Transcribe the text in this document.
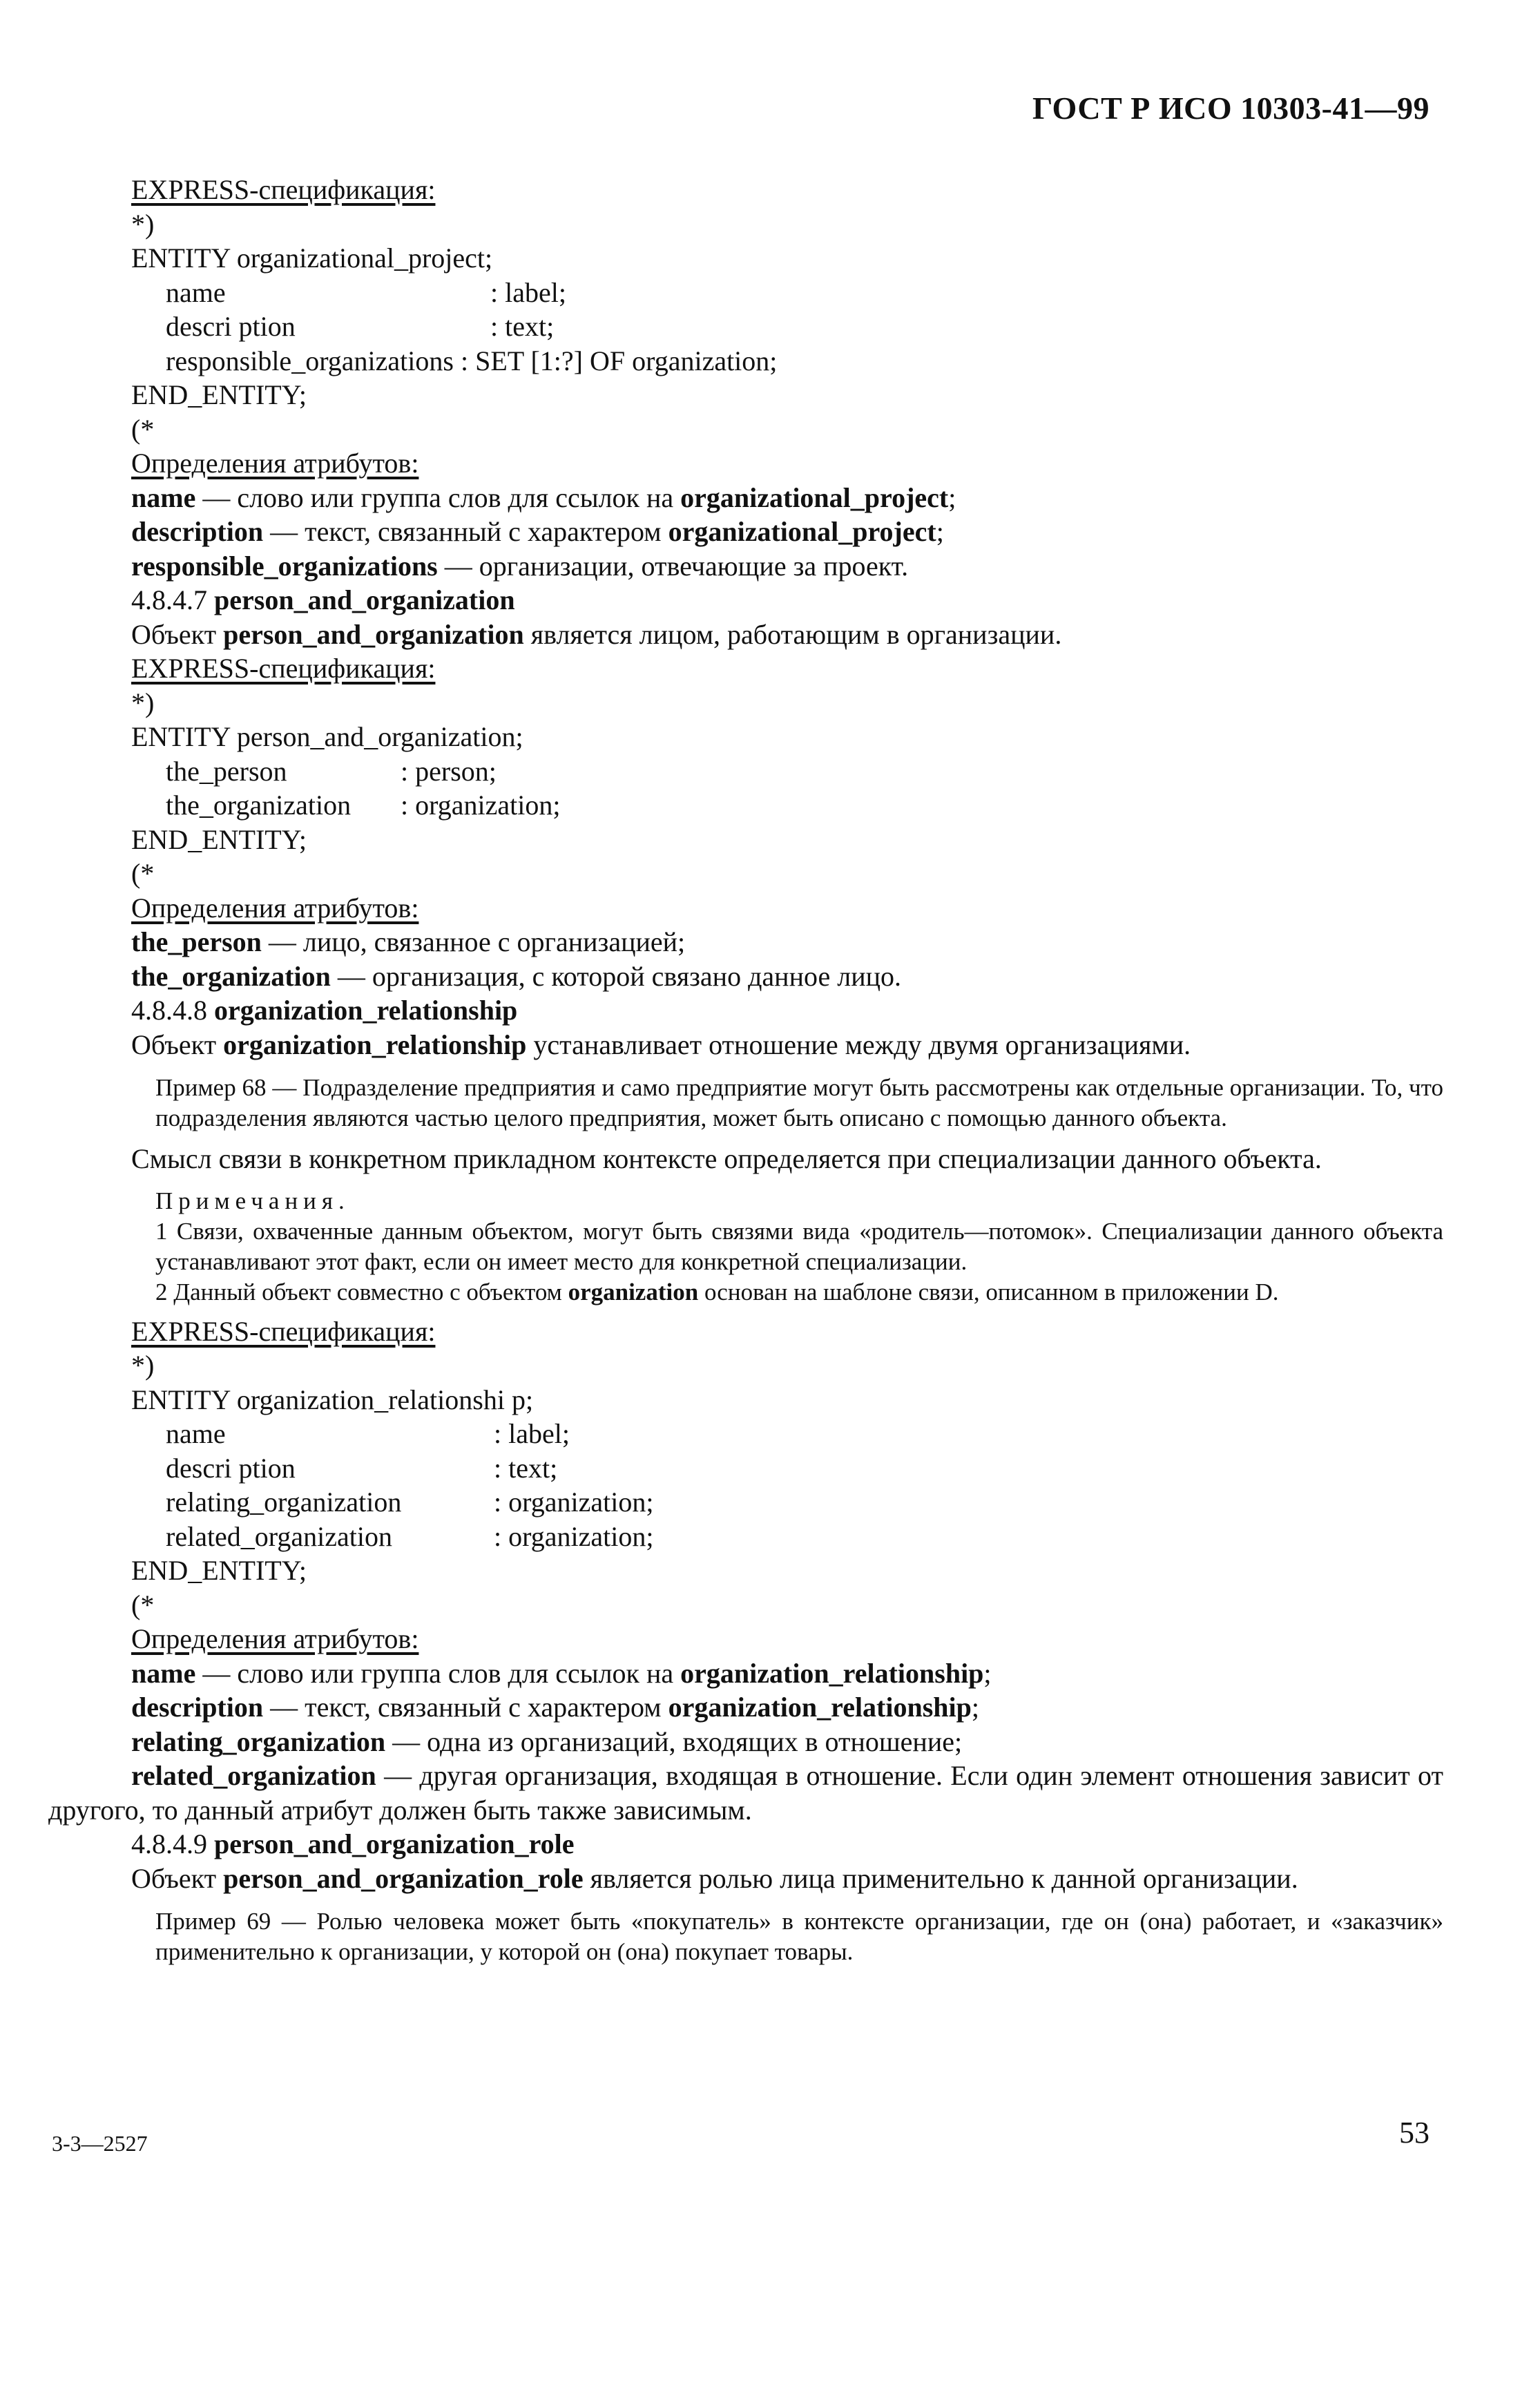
ГОСТ Р ИСО 10303-41—99

EXPRESS-спецификация:

*)

ENTITY organizational_project;

name	: label;
descri ption	: text;
responsible_organizations : SET [1:?] OF organization;

END_ENTITY;

(*

Определения атрибутов:

name — слово или группа слов для ссылок на organizational_project;

description — текст, связанный с характером organizational_project;

responsible_organizations — организации, отвечающие за проект.

4.8.4.7 person_and_organization

Объект person_and_organization является лицом, работающим в организации.

EXPRESS-спецификация:

*)

ENTITY person_and_organization;

the_person	: person;
the_organization	: organization;

END_ENTITY;

(*

Определения атрибутов:

the_person — лицо, связанное с организацией;

the_organization — организация, с которой связано данное лицо.

4.8.4.8 organization_relationship

Объект organization_relationship устанавливает отношение между двумя организациями.

Пример 68 — Подразделение предприятия и само предприятие могут быть рассмотрены как отдельные организации. То, что подразделения являются частью целого предприятия, может быть описано с помощью данного объекта.

Смысл связи в конкретном прикладном контексте определяется при специализации данного объекта.

Примечания.

1 Связи, охваченные данным объектом, могут быть связями вида «родитель—потомок». Специализации данного объекта устанавливают этот факт, если он имеет место для конкретной специализации.

2 Данный объект совместно с объектом organization основан на шаблоне связи, описанном в приложении D.

EXPRESS-спецификация:

*)

ENTITY organization_relationshi p;

name	: label;
descri ption	: text;
relating_organization	: organization;
related_organization	: organization;

END_ENTITY;

(*

Определения атрибутов:

name — слово или группа слов для ссылок на organization_relationship;

description — текст, связанный с характером organization_relationship;

relating_organization — одна из организаций, входящих в отношение;

related_organization — другая организация, входящая в отношение. Если один элемент отношения зависит от другого, то данный атрибут должен быть также зависимым.

4.8.4.9 person_and_organization_role

Объект person_and_organization_role является ролью лица применительно к данной организации.

Пример 69 — Ролью человека может быть «покупатель» в контексте организации, где он (она) работает, и «заказчик» применительно к организации, у которой он (она) покупает товары.

3-3—2527	53
